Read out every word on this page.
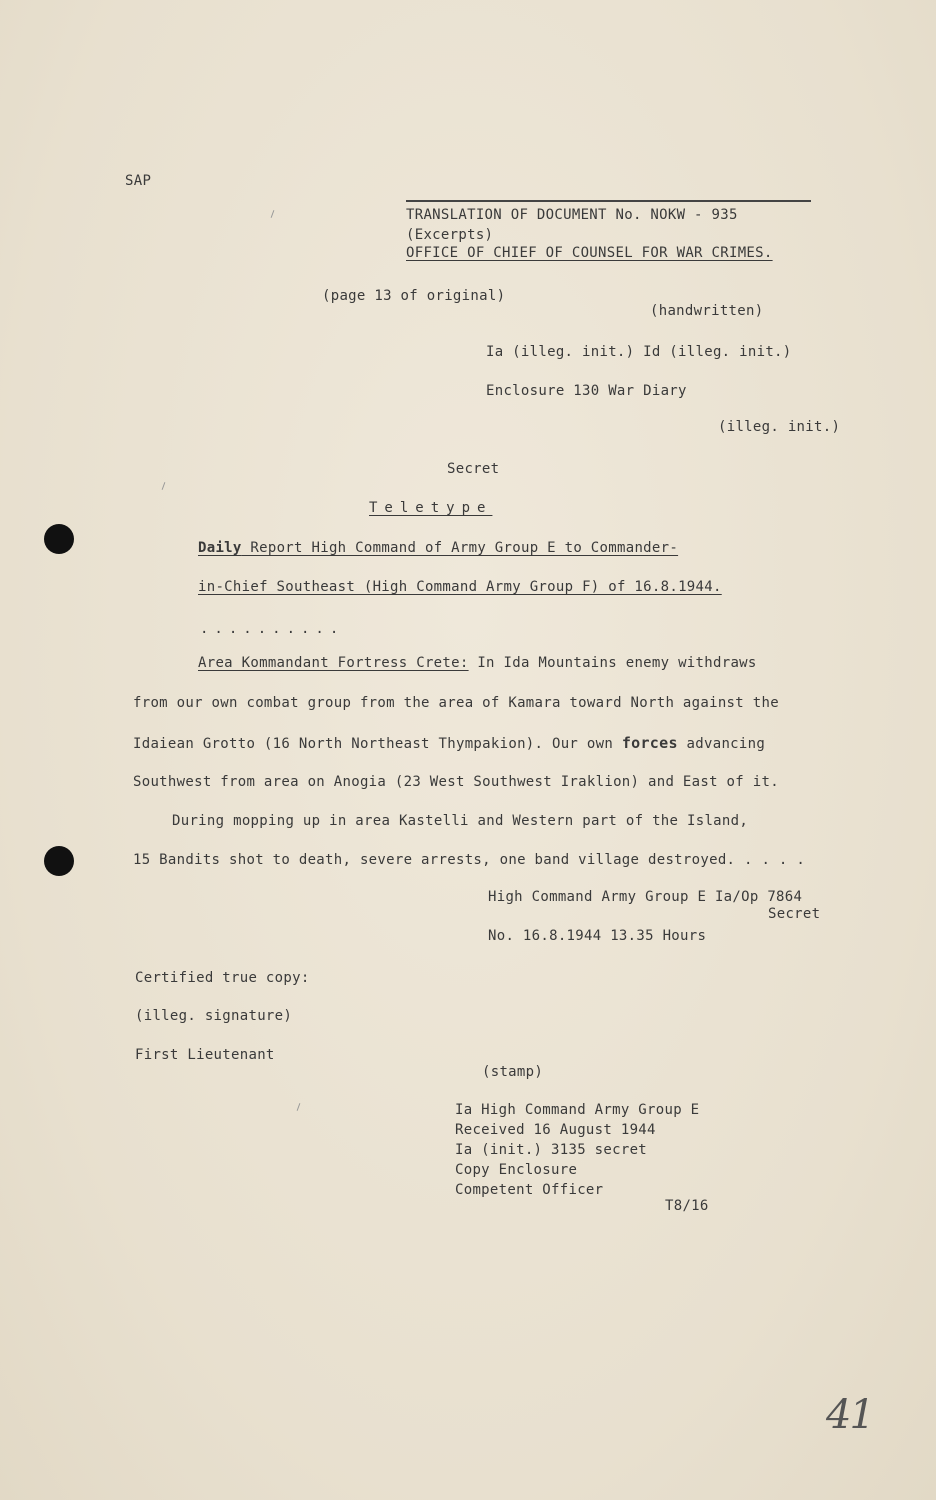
SAP
TRANSLATION OF DOCUMENT No. NOKW - 935
(Excerpts)
OFFICE OF CHIEF OF COUNSEL FOR WAR CRIMES.
(page 13 of original)
(handwritten)
Ia (illeg. init.) Id (illeg. init.)
Enclosure 130 War Diary
(illeg. init.)
Secret
Teletype
Daily Report High Command of Army Group E to Commander-
in-Chief Southeast (High Command Army Group F) of 16.8.1944.
..........
Area Kommandant Fortress Crete: In Ida Mountains enemy withdraws
from our own combat group from the area of Kamara toward North against the
Idaiean Grotto (16 North Northeast Thympakion). Our own forces advancing
Southwest from area on Anogia (23 West Southwest Iraklion) and East of it.
During mopping up in area Kastelli and Western part of the Island,
15 Bandits shot to death, severe arrests, one band village destroyed. . . . .
High Command Army Group E Ia/Op 7864
Secret
No. 16.8.1944 13.35 Hours
Certified true copy:
(illeg. signature)
First Lieutenant
(stamp)
Ia High Command Army Group E
Received 16 August 1944
Ia (init.) 3135 secret
Copy Enclosure
Competent Officer
T8/16
41
